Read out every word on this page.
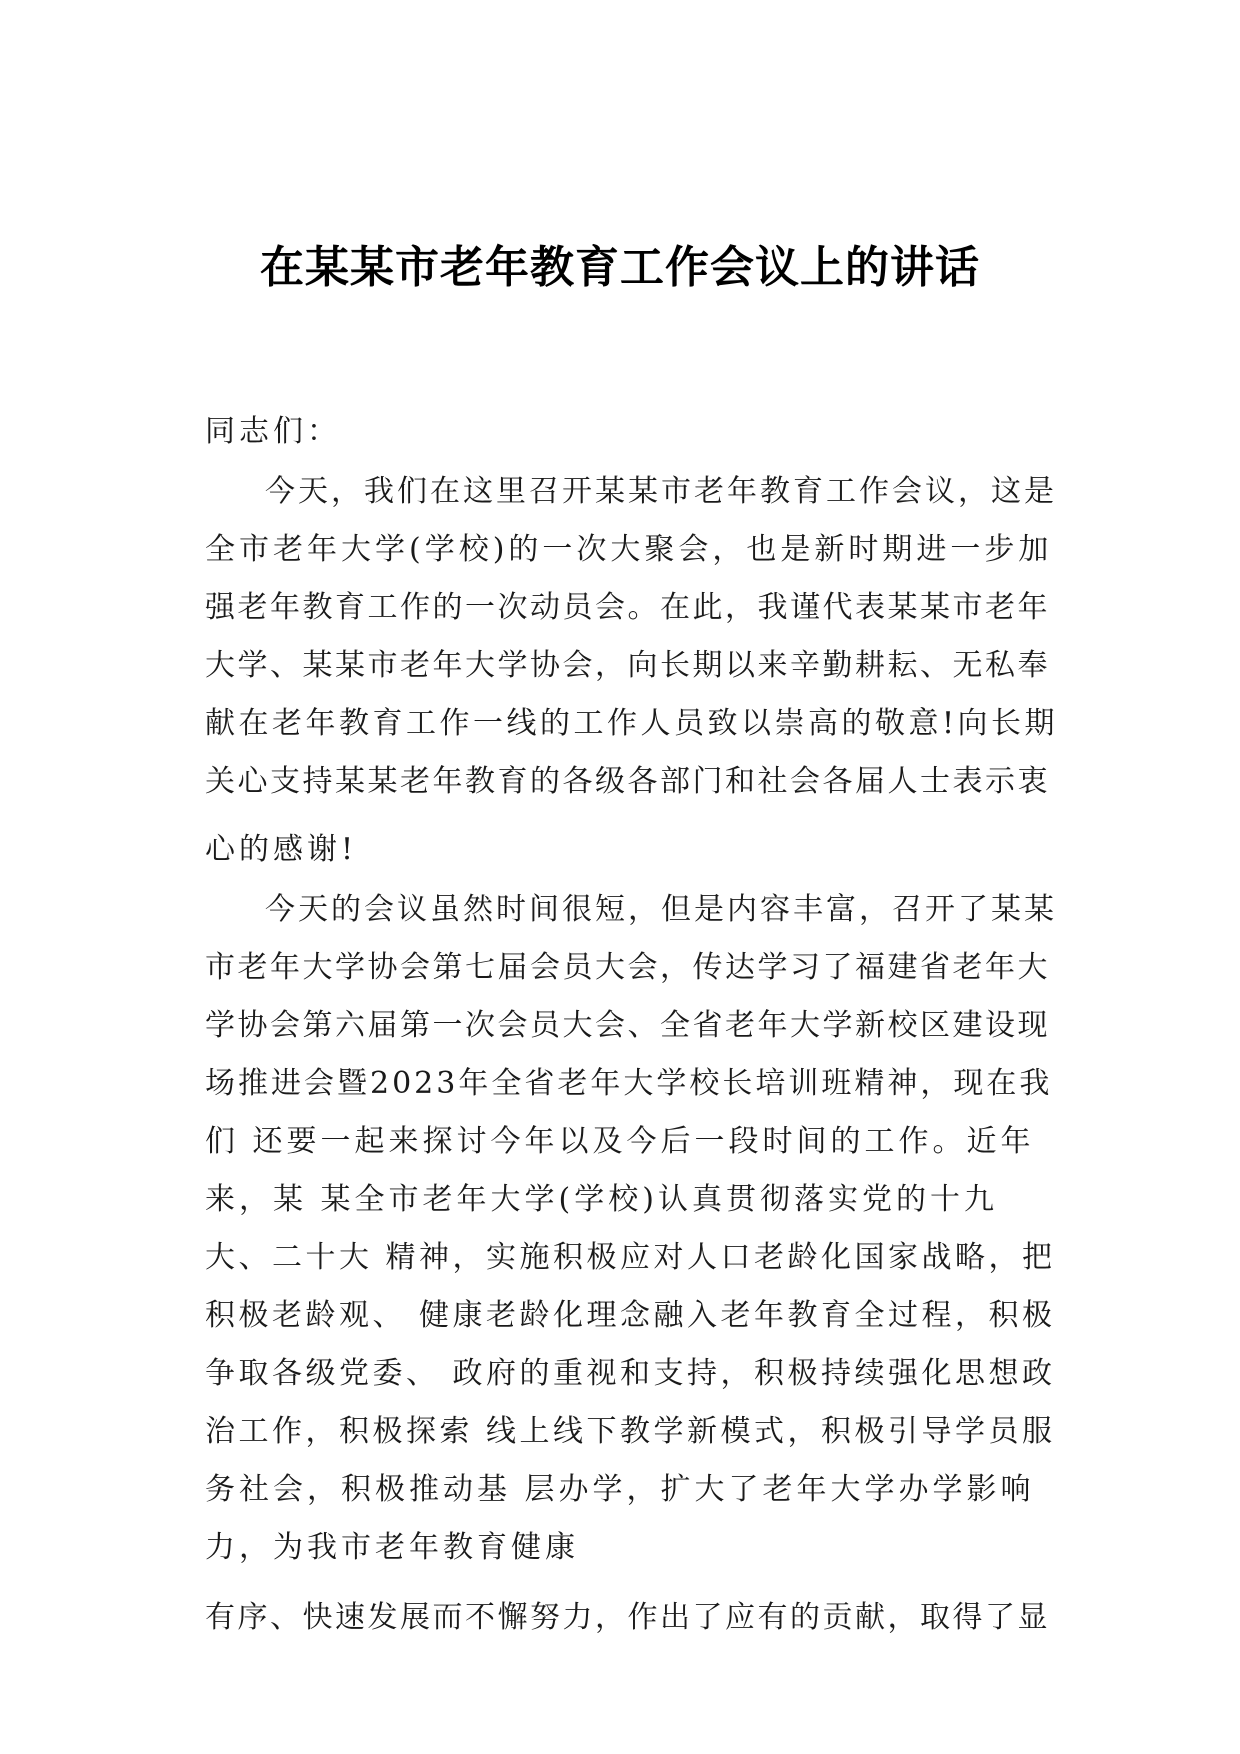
在某某市老年教育工作会议上的讲话
同志们：
今天，我们在这里召开某某市老年教育工作会议，这是
全市老年大学(学校)的一次大聚会，也是新时期进一步加
强老年教育工作的一次动员会。在此，我谨代表某某市老年
大学、某某市老年大学协会，向长期以来辛勤耕耘、无私奉
献在老年教育工作一线的工作人员致以崇高的敬意!向长期
关心支持某某老年教育的各级各部门和社会各届人士表示衷
心的感谢!
今天的会议虽然时间很短，但是内容丰富，召开了某某
市老年大学协会第七届会员大会，传达学习了福建省老年大
学协会第六届第一次会员大会、全省老年大学新校区建设现
场推进会暨2023年全省老年大学校长培训班精神，现在我
们 还要一起来探讨今年以及今后一段时间的工作。近年
来，某 某全市老年大学(学校)认真贯彻落实党的十九
大、二十大 精神，实施积极应对人口老龄化国家战略，把
积极老龄观、 健康老龄化理念融入老年教育全过程，积极
争取各级党委、 政府的重视和支持，积极持续强化思想政
治工作，积极探索 线上线下教学新模式，积极引导学员服
务社会，积极推动基 层办学，扩大了老年大学办学影响
力，为我市老年教育健康
有序、快速发展而不懈努力，作出了应有的贡献，取得了显
